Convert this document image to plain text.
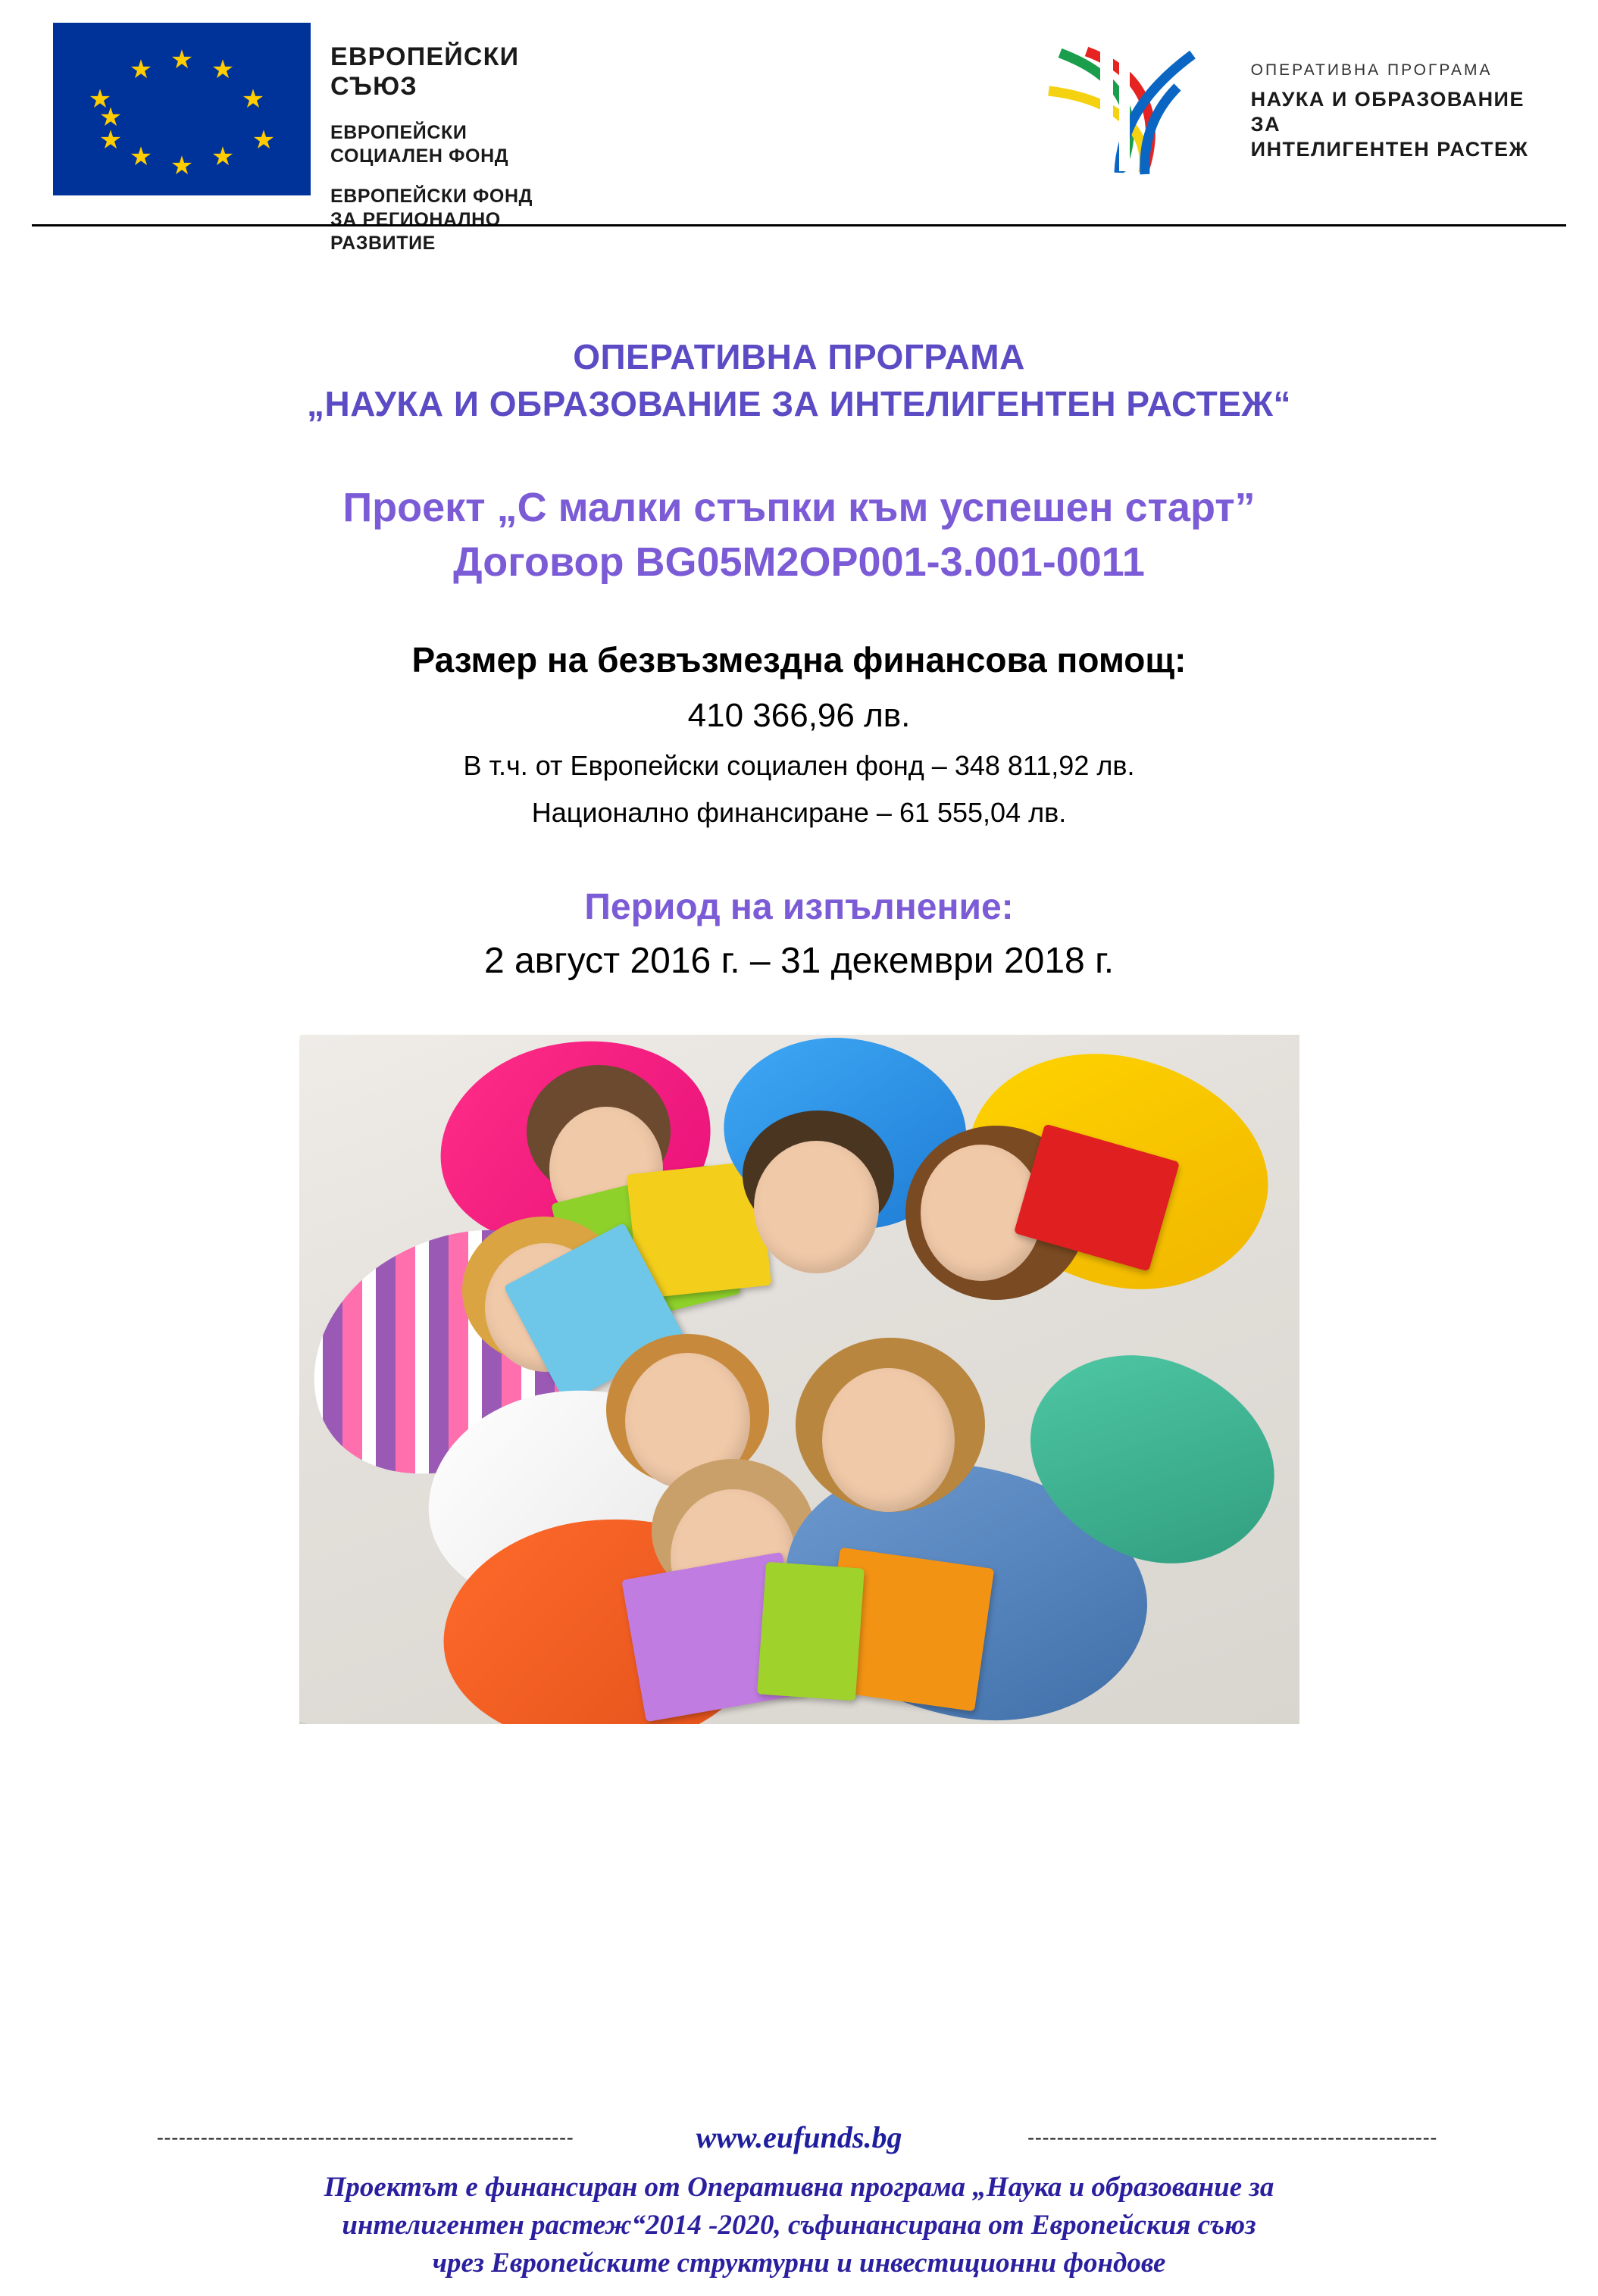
★ ★
★
★
★
★
★
★
★
★
★
ЕВРОПЕЙСКИ СЪЮЗ
ЕВРОПЕЙСКИ
СОЦИАЛЕН ФОНД
ЕВРОПЕЙСКИ ФОНД
ЗА РЕГИОНАЛНО РАЗВИТИЕ
ОПЕРАТИВНА ПРОГРАМА
НАУКА И ОБРАЗОВАНИЕ ЗА
ИНТЕЛИГЕНТЕН РАСТЕЖ
ОПЕРАТИВНА ПРОГРАМА
„НАУКА И ОБРАЗОВАНИЕ ЗА ИНТЕЛИГЕНТЕН РАСТЕЖ“
Проект „С малки стъпки към успешен старт”
Договор BG05M2OP001-3.001-0011
Размер на безвъзмездна финансова помощ:
410 366,96 лв.
В т.ч. от Европейски социален фонд – 348 811,92 лв.
Национално финансиране – 61 555,04 лв.
Период на изпълнение:
2 август 2016 г. – 31 декември 2018 г.
---------------------------------------------------------	www.eufunds.bg	--------------------------------------------------------
Проектът е финансиран от Оперативна програма „Наука и образование за
интелигентен растеж“2014 -2020, съфинансирана от Европейския съюз
чрез Европейските структурни и инвестиционни фондове
